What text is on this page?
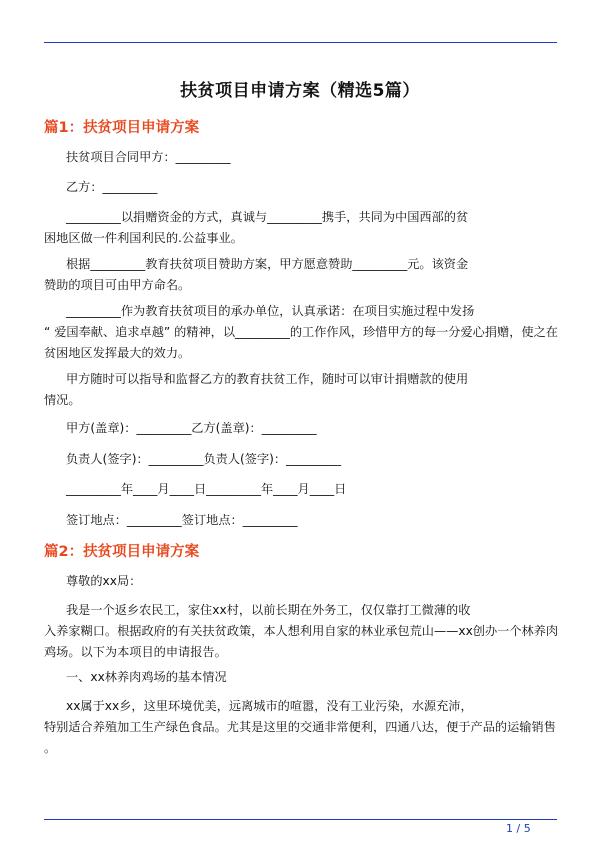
扶贫项目申请方案（精选5篇）
篇1：扶贫项目申请方案
扶贫项目合同甲方：_________
乙方：_________
_________以捐赠资金的方式，真诚与_________携手，共同为中国西部的贫
困地区做一件利国利民的.公益事业。
根据_________教育扶贫项目赞助方案，甲方愿意赞助_________元。该资金
赞助的项目可由甲方命名。
_________作为教育扶贫项目的承办单位，认真承诺：在项目实施过程中发扬
“ 爱国奉献、追求卓越” 的精神，以_________的工作作风，珍惜甲方的每一分爱心捐赠，使之在
贫困地区发挥最大的效力。
甲方随时可以指导和监督乙方的教育扶贫工作，随时可以审计捐赠款的使用
情况。
甲方(盖章)：_________乙方(盖章)：_________
负责人(签字)：_________负责人(签字)：_________
_________年____月____日_________年____月____日
签订地点：_________签订地点：_________
篇2：扶贫项目申请方案
尊敬的xx局：
我是一个返乡农民工，家住xx村，以前长期在外务工，仅仅靠打工微薄的收
入养家糊口。根据政府的有关扶贫政策，本人想利用自家的林业承包荒山——xx创办一个林养肉
鸡场。以下为本项目的申请报告。
一、xx林养肉鸡场的基本情况
xx属于xx乡，这里环境优美，远离城市的喧嚣，没有工业污染，水源充沛，
特别适合养殖加工生产绿色食品。尤其是这里的交通非常便利，四通八达，便于产品的运输销售
。
1 / 5
